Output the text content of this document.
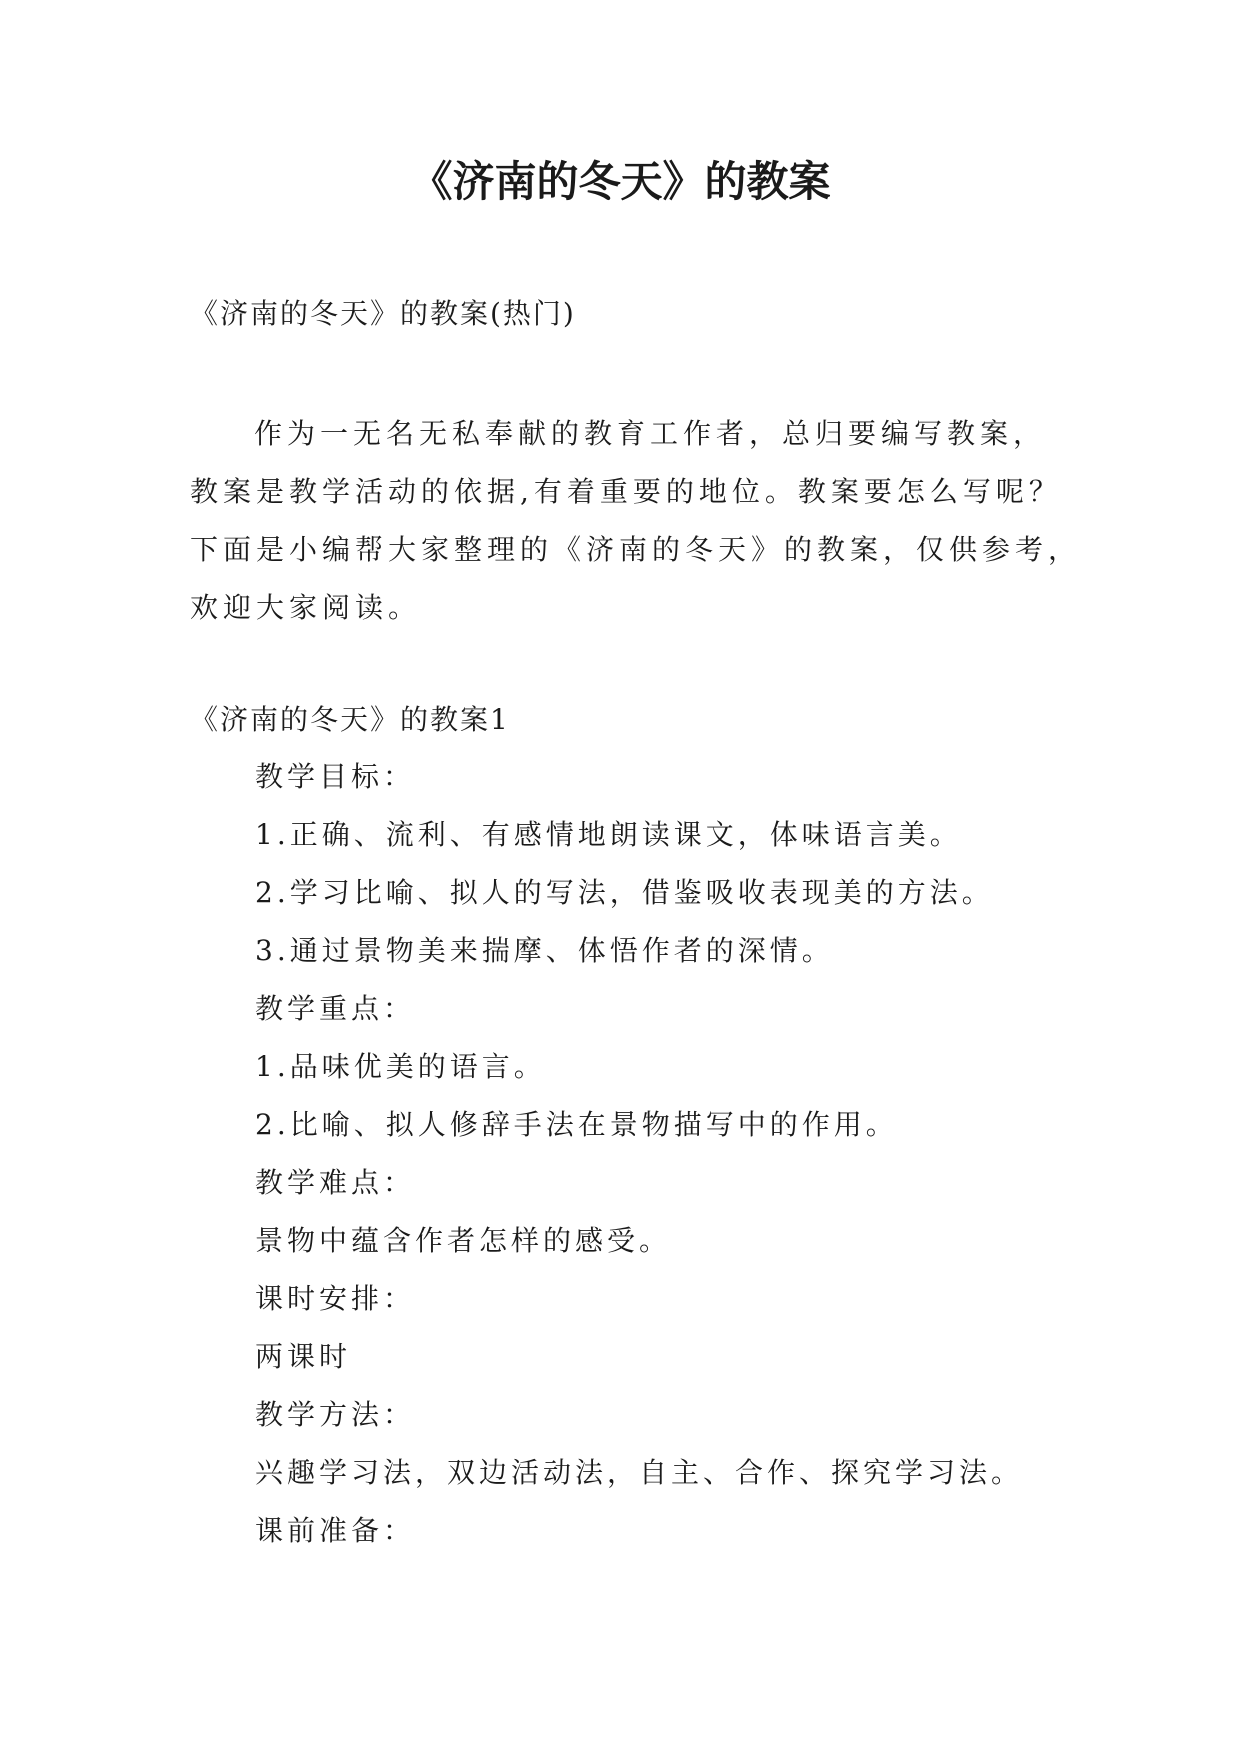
《济南的冬天》的教案
《济南的冬天》的教案(热门)
作为一无名无私奉献的教育工作者，总归要编写教案，
教案是教学活动的依据,有着重要的地位。教案要怎么写呢？
下面是小编帮大家整理的《济南的冬天》的教案，仅供参考，
欢迎大家阅读。
《济南的冬天》的教案1
教学目标：
1.正确、流利、有感情地朗读课文，体味语言美。
2.学习比喻、拟人的写法，借鉴吸收表现美的方法。
3.通过景物美来揣摩、体悟作者的深情。
教学重点：
1.品味优美的语言。
2.比喻、拟人修辞手法在景物描写中的作用。
教学难点：
景物中蕴含作者怎样的感受。
课时安排：
两课时
教学方法：
兴趣学习法，双边活动法，自主、合作、探究学习法。
课前准备：
